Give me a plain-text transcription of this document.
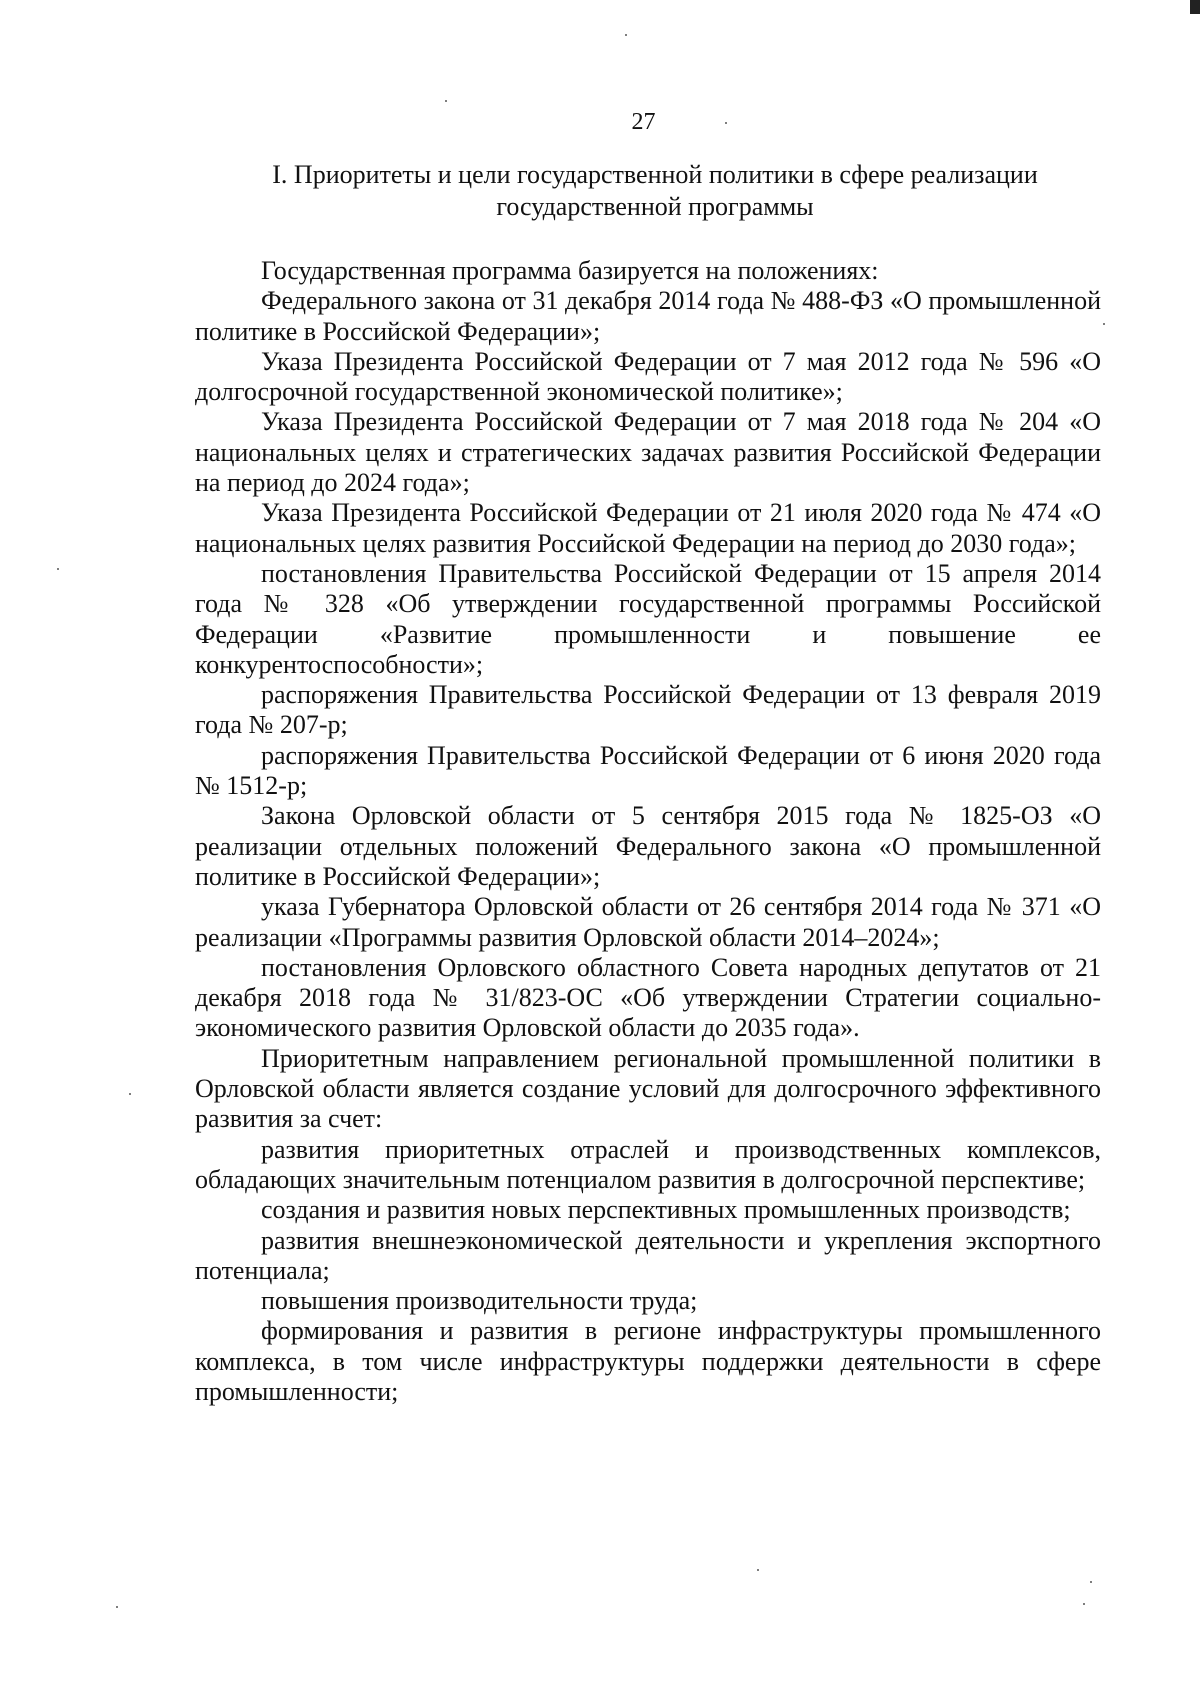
27
I. Приоритеты и цели государственной политики в сфере реализации
государственной программы

Государственная программа базируется на положениях:

Федерального закона от 31 декабря 2014 года № 488-ФЗ «О промышленной политике в Российской Федерации»;

Указа Президента Российской Федерации от 7 мая 2012 года № 596 «О долгосрочной государственной экономической политике»;

Указа Президента Российской Федерации от 7 мая 2018 года № 204 «О национальных целях и стратегических задачах развития Российской Федерации на период до 2024 года»;

Указа Президента Российской Федерации от 21 июля 2020 года № 474 «О национальных целях развития Российской Федерации на период до 2030 года»;

постановления Правительства Российской Федерации от 15 апреля 2014 года № 328 «Об утверждении государственной программы Российской Федерации «Развитие промышленности и повышение ее конкурентоспособности»;

распоряжения Правительства Российской Федерации от 13 февраля 2019 года № 207-р;

распоряжения Правительства Российской Федерации от 6 июня 2020 года № 1512-р;

Закона Орловской области от 5 сентября 2015 года № 1825-ОЗ «О реализации отдельных положений Федерального закона «О промышленной политике в Российской Федерации»;

указа Губернатора Орловской области от 26 сентября 2014 года № 371 «О реализации «Программы развития Орловской области 2014–2024»;

постановления Орловского областного Совета народных депутатов от 21 декабря 2018 года № 31/823-ОС «Об утверждении Стратегии социально-экономического развития Орловской области до 2035 года».

Приоритетным направлением региональной промышленной политики в Орловской области является создание условий для долгосрочного эффективного развития за счет:

развития приоритетных отраслей и производственных комплексов, обладающих значительным потенциалом развития в долгосрочной перспективе;

создания и развития новых перспективных промышленных производств;

развития внешнеэкономической деятельности и укрепления экспортного потенциала;

повышения производительности труда;

формирования и развития в регионе инфраструктуры промышленного комплекса, в том числе инфраструктуры поддержки деятельности в сфере промышленности;
